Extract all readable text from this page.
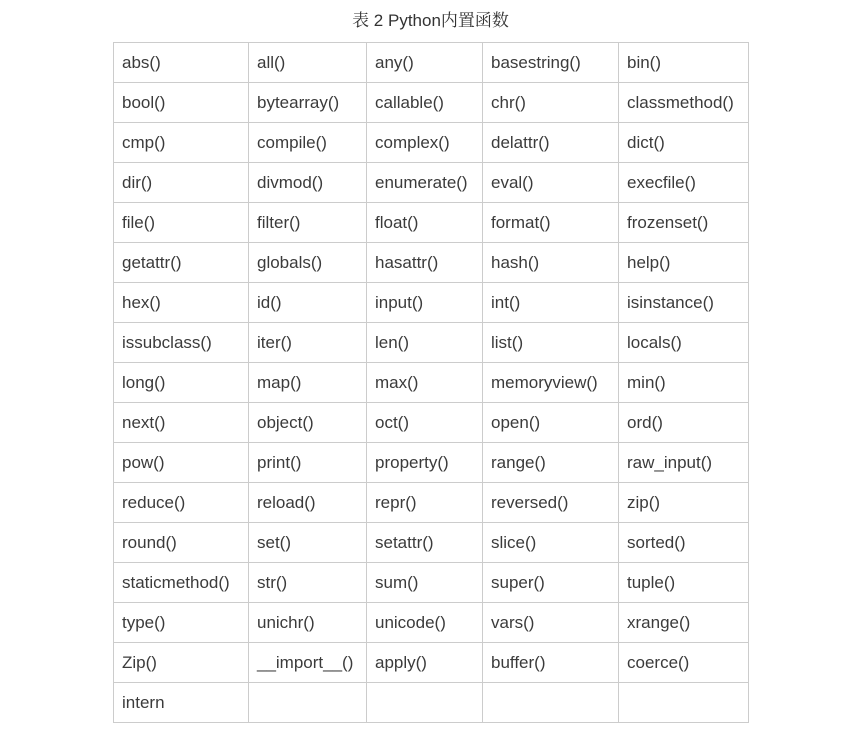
表 2 Python内置函数
abs()	all()	any()	basestring()	bin()
bool()	bytearray()	callable()	chr()	classmethod()
cmp()	compile()	complex()	delattr()	dict()
dir()	divmod()	enumerate()	eval()	execfile()
file()	filter()	float()	format()	frozenset()
getattr()	globals()	hasattr()	hash()	help()
hex()	id()	input()	int()	isinstance()
issubclass()	iter()	len()	list()	locals()
long()	map()	max()	memoryview()	min()
next()	object()	oct()	open()	ord()
pow()	print()	property()	range()	raw_input()
reduce()	reload()	repr()	reversed()	zip()
round()	set()	setattr()	slice()	sorted()
staticmethod()	str()	sum()	super()	tuple()
type()	unichr()	unicode()	vars()	xrange()
Zip()	__import__()	apply()	buffer()	coerce()
intern				
